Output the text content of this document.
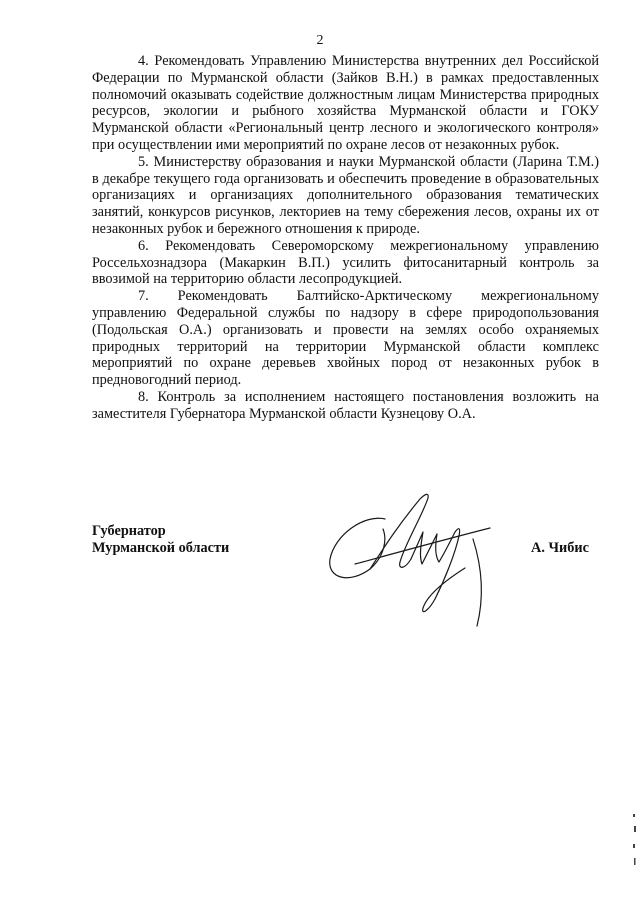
2

4. Рекомендовать Управлению Министерства внутренних дел Российской Федерации по Мурманской области (Зайков В.Н.) в рамках предоставленных полномочий оказывать содействие должностным лицам Министерства природных ресурсов, экологии и рыбного хозяйства Мурманской области и ГОКУ Мурманской области «Региональный центр лесного и экологического контроля» при осуществлении ими мероприятий по охране лесов от незаконных рубок.

5. Министерству образования и науки Мурманской области (Ларина Т.М.) в декабре текущего года организовать и обеспечить проведение в образовательных организациях и организациях дополнительного образования тематических занятий, конкурсов рисунков, лекториев на тему сбережения лесов, охраны их от незаконных рубок и бережного отношения к природе.

6. Рекомендовать Североморскому межрегиональному управлению Россельхознадзора (Макаркин В.П.) усилить фитосанитарный контроль за ввозимой на территорию области лесопродукцией.

7. Рекомендовать Балтийско-Арктическому межрегиональному управлению Федеральной службы по надзору в сфере природопользования (Подольская О.А.) организовать и провести на землях особо охраняемых природных территорий на территории Мурманской области комплекс мероприятий по охране деревьев хвойных пород от незаконных рубок в предновогодний период.

8. Контроль за исполнением настоящего постановления возложить на заместителя Губернатора Мурманской области Кузнецову О.А.

Губернатор
Мурманской области	А. Чибис
